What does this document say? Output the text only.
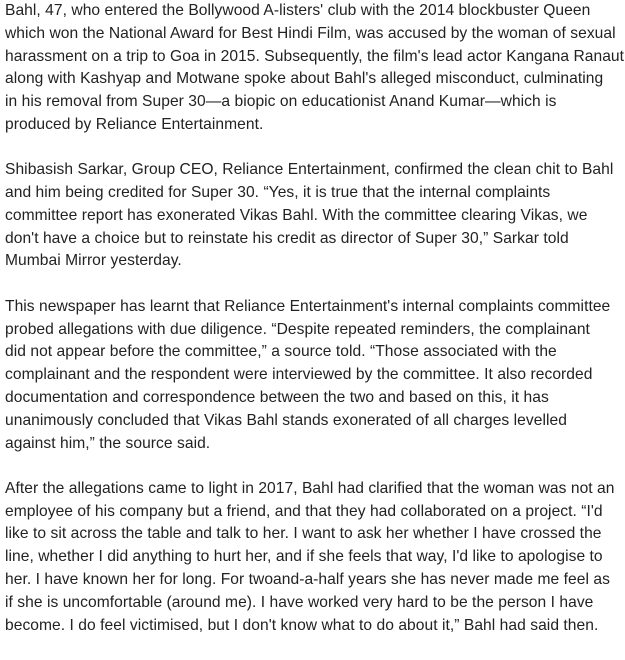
Bahl, 47, who entered the Bollywood A-listers' club with the 2014 blockbuster Queen
which won the National Award for Best Hindi Film, was accused by the woman of sexual
harassment on a trip to Goa in 2015. Subsequently, the film's lead actor Kangana Ranaut
along with Kashyap and Motwane spoke about Bahl's alleged misconduct, culminating
in his removal from Super 30—a biopic on educationist Anand Kumar—which is
produced by Reliance Entertainment.

Shibasish Sarkar, Group CEO, Reliance Entertainment, confirmed the clean chit to Bahl
and him being credited for Super 30. “Yes, it is true that the internal complaints
committee report has exonerated Vikas Bahl. With the committee clearing Vikas, we
don't have a choice but to reinstate his credit as director of Super 30,” Sarkar told
Mumbai Mirror yesterday.

This newspaper has learnt that Reliance Entertainment's internal complaints committee
probed allegations with due diligence. “Despite repeated reminders, the complainant
did not appear before the committee,” a source told. “Those associated with the
complainant and the respondent were interviewed by the committee. It also recorded
documentation and correspondence between the two and based on this, it has
unanimously concluded that Vikas Bahl stands exonerated of all charges levelled
against him,” the source said.

After the allegations came to light in 2017, Bahl had clarified that the woman was not an
employee of his company but a friend, and that they had collaborated on a project. “I'd
like to sit across the table and talk to her. I want to ask her whether I have crossed the
line, whether I did anything to hurt her, and if she feels that way, I'd like to apologise to
her. I have known her for long. For twoand-a-half years she has never made me feel as
if she is uncomfortable (around me). I have worked very hard to be the person I have
become. I do feel victimised, but I don't know what to do about it,” Bahl had said then.
